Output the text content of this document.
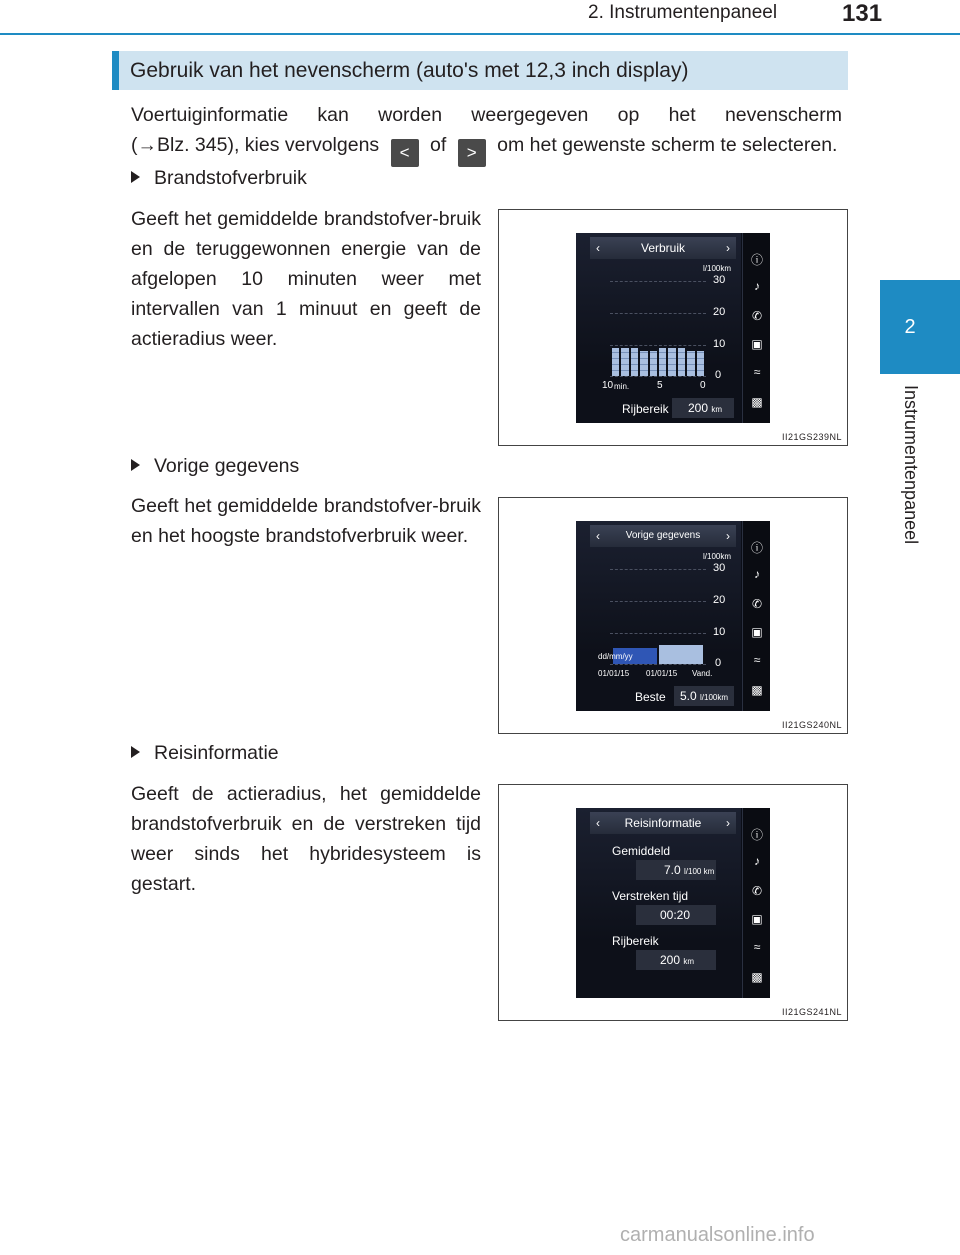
2. Instrumentenpaneel	131
2
Instrumentenpaneel
Gebruik van het nevenscherm (auto's met 12,3 inch display)
Voertuiginformatie kan worden weergegeven op het nevenscherm
(→Blz. 345), kies vervolgens < of > om het gewenste scherm te selecteren.
Brandstofverbruik
Geeft het gemiddelde brandstofver-bruik en de teruggewonnen energie van de afgelopen 10 minuten weer met intervallen van 1 minuut en geeft de actieradius weer.
‹	Verbruik	›
l/100km
30
20
10
0
10 min.	5	0
Rijbereik	200 km
ⓘ
♪
✆
▣
≈
▩
II21GS239NL
Vorige gegevens
Geeft het gemiddelde brandstofver-bruik en het hoogste brandstofverbruik weer.	‹	Vorige gegevens ›
l/100km
30
20
10
0
dd/mm/yy
01/01/15 01/01/15 Vand.
Beste	5.0 l/100km
ⓘ
♪
✆
▣
≈
▩
II21GS240NL
Reisinformatie
Geeft de actieradius, het gemiddelde brandstofverbruik en de verstreken tijd weer sinds het hybridesysteem is gestart.
‹ Reisinformatie ›
Gemiddeld
7.0 l/100 km
Verstreken tijd
00:20
Rijbereik
200 km
ⓘ
♪
✆
▣
≈
▩
II21GS241NL
carmanualsonline.info
